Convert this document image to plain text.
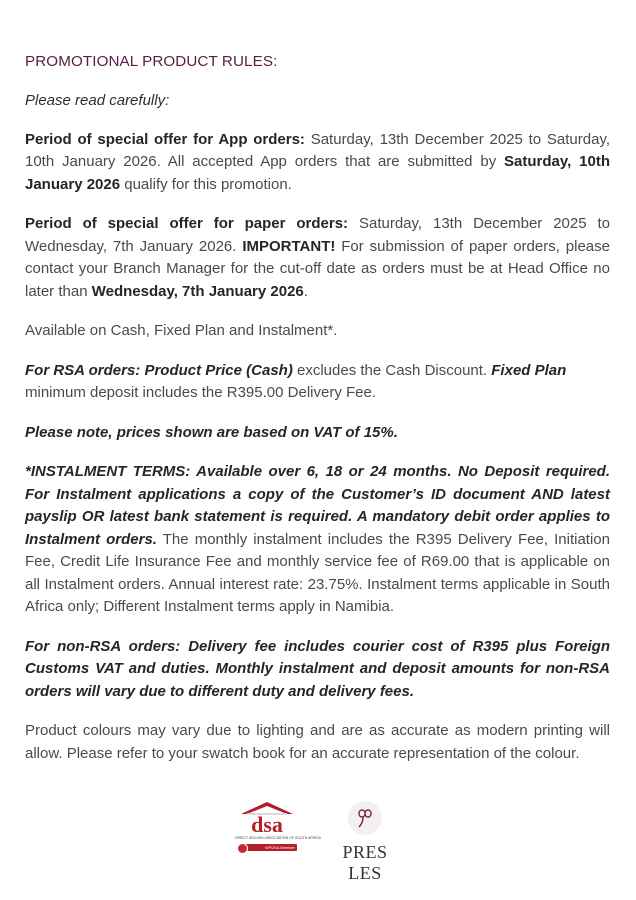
PROMOTIONAL PRODUCT RULES:

Please read carefully:

Period of special offer for App orders: Saturday, 13th December 2025 to Saturday, 10th January 2026. All accepted App orders that are submitted by Saturday, 10th January 2026 qualify for this promotion.

Period of special offer for paper orders: Saturday, 13th December 2025 to Wednesday, 7th January 2026. IMPORTANT! For submission of paper orders, please contact your Branch Manager for the cut-off date as orders must be at Head Office no later than Wednesday, 7th January 2026.

Available on Cash, Fixed Plan and Instalment*.

For RSA orders: Product Price (Cash) excludes the Cash Discount. Fixed Plan minimum deposit includes the R395.00 Delivery Fee.

Please note, prices shown are based on VAT of 15%.

*INSTALMENT TERMS: Available over 6, 18 or 24 months. No Deposit required. For Instalment applications a copy of the Customer’s ID document AND latest payslip OR latest bank statement is required. A mandatory debit order applies to Instalment orders. The monthly instalment includes the R395 Delivery Fee, Initiation Fee, Credit Life Insurance Fee and monthly service fee of R69.00 that is applicable on all Instalment orders. Annual interest rate: 23.75%. Instalment terms applicable in South Africa only; Different Instalment terms apply in Namibia.

For non-RSA orders: Delivery fee includes courier cost of R395 plus Foreign Customs VAT and duties. Monthly instalment and deposit amounts for non-RSA orders will vary due to different duty and delivery fees.

Product colours may vary due to lighting and are as accurate as modern printing will allow. Please refer to your swatch book for an accurate representation of the colour.

dsa
DIRECT SELLING ASSOCIATION OF SOUTH AFRICA
WFDSA Member	PRES LES
